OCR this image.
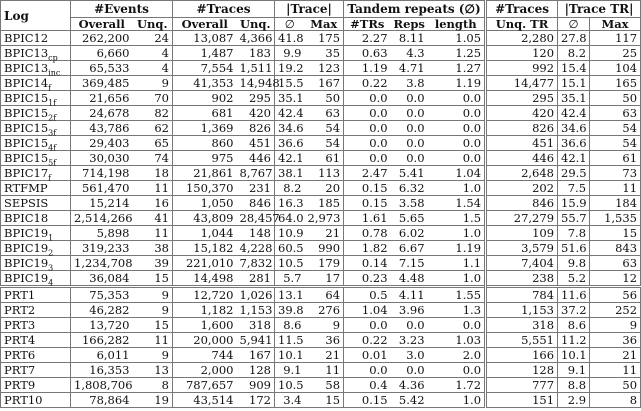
Log	#Events		#Traces		|Trace|		Tandem repeats (∅)			#Traces	|Trace TR|	
	Overall	Unq.	Overall	Unq.	∅	Max	#TRs	Reps	length	Unq. TR	∅	Max
BPIC12	262,200	24	13,087	4,366	41.8	175	2.27	8.11	1.05	2,280	27.8	117
$BPIC13_{cp}$	6,660	4	1,487	183	9.9	35	0.63	4.3	1.25	120	8.2	25
$BPIC13_{inc}$	65,533	4	7,554	1,511	19.2	123	1.19	4.71	1.27	992	15.4	104
$BPIC14_f$	369,485	9	41,353	14,948	15.5	167	0.22	3.8	1.19	14,477	15.1	165
$BPIC15_{1f}$	21,656	70	902	295	35.1	50	0.0	0.0	0.0	295	35.1	50
$BPIC15_{2f}$	24,678	82	681	420	42.4	63	0.0	0.0	0.0	420	42.4	63
$BPIC15_{3f}$	43,786	62	1,369	826	34.6	54	0.0	0.0	0.0	826	34.6	54
$BPIC15_{4f}$	29,403	65	860	451	36.6	54	0.0	0.0	0.0	451	36.6	54
$BPIC15_{5f}$	30,030	74	975	446	42.1	61	0.0	0.0	0.0	446	42.1	61
$BPIC17_f$	714,198	18	21,861	8,767	38.1	113	2.47	5.41	1.04	2,648	29.5	73
RTFMP	561,470	11	150,370	231	8.2	20	0.15	6.32	1.0	202	7.5	11
SEPSIS	15,214	16	1,050	846	16.3	185	0.15	3.58	1.54	846	15.9	184
BPIC18	2,514,266	41	43,809	28,457	64.0	2,973	1.61	5.65	1.5	27,279	55.7	1,535
$BPIC19_1$	5,898	11	1,044	148	10.9	21	0.78	6.02	1.0	109	7.8	15
$BPIC19_2$	319,233	38	15,182	4,228	60.5	990	1.82	6.67	1.19	3,579	51.6	843
$BPIC19_3$	1,234,708	39	221,010	7,832	10.5	179	0.14	7.15	1.1	7,404	9.8	63
$BPIC19_4$	36,084	15	14,498	281	5.7	17	0.23	4.48	1.0	238	5.2	12
PRT1	75,353	9	12,720	1,026	13.1	64	0.5	4.11	1.55	784	11.6	56
PRT2	46,282	9	1,182	1,153	39.8	276	1.04	3.96	1.3	1,153	37.2	252
PRT3	13,720	15	1,600	318	8.6	9	0.0	0.0	0.0	318	8.6	9
PRT4	166,282	11	20,000	5,941	11.5	36	0.22	3.23	1.03	5,551	11.2	36
PRT6	6,011	9	744	167	10.1	21	0.01	3.0	2.0	166	10.1	21
PRT7	16,353	13	2,000	128	9.1	11	0.0	0.0	0.0	128	9.1	11
PRT9	1,808,706	8	787,657	909	10.5	58	0.4	4.36	1.72	777	8.8	50
PRT10	78,864	19	43,514	172	3.4	15	0.15	5.42	1.0	151	2.9	8
